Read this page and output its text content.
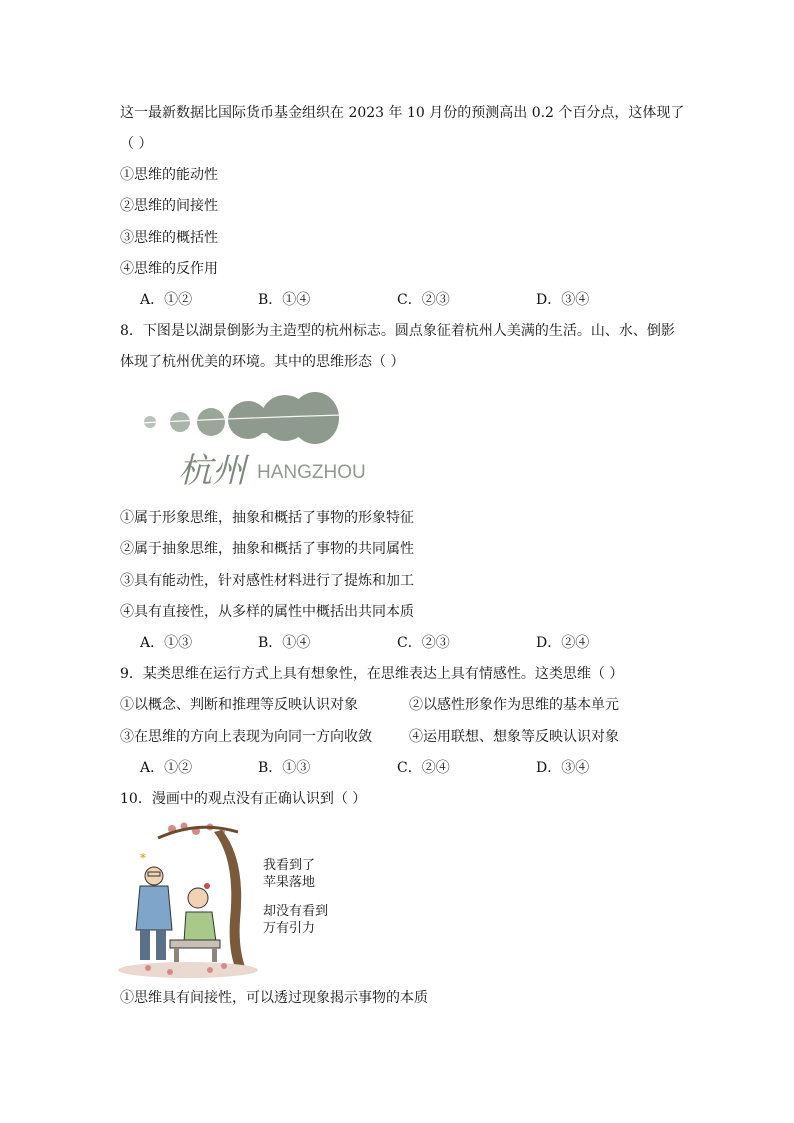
这一最新数据比国际货币基金组织在 2023 年 10 月份的预测高出 0.2 个百分点，这体现了
（ ）
①思维的能动性
②思维的间接性
③思维的概括性
④思维的反作用
A．①②	B．①④	C．②③	D．③④
8．下图是以湖景倒影为主造型的杭州标志。圆点象征着杭州人美满的生活。山、水、倒影
体现了杭州优美的环境。其中的思维形态（ ）
杭州 HANGZHOU
①属于形象思维，抽象和概括了事物的形象特征
②属于抽象思维，抽象和概括了事物的共同属性
③具有能动性，针对感性材料进行了提炼和加工
④具有直接性，从多样的属性中概括出共同本质
A．①③	B．①④	C．②③	D．②④
9．某类思维在运行方式上具有想象性，在思维表达上具有情感性。这类思维（ ）
①以概念、判断和推理等反映认识对象	②以感性形象作为思维的基本单元
③在思维的方向上表现为向同一方向收敛	④运用联想、想象等反映认识对象
A．①②	B．①③	C．②④	D．③④
10．漫画中的观点没有正确认识到（ ）
*	我看到了
苹果落地
却没有看到
万有引力
①思维具有间接性，可以透过现象揭示事物的本质
